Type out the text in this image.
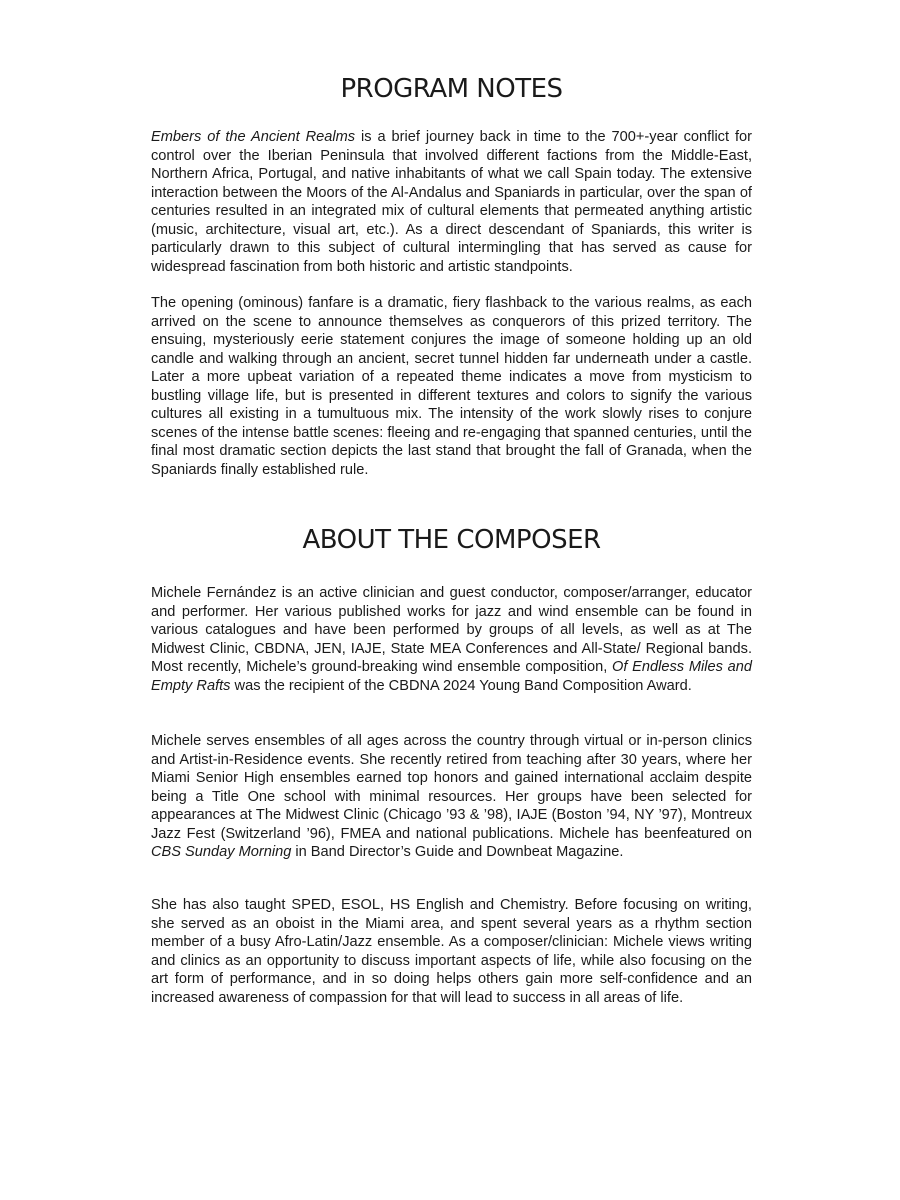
PROGRAM NOTES

Embers of the Ancient Realms is a brief journey back in time to the 700+-year conflict for control over the Iberian Peninsula that involved different factions from the Middle-East, Northern Africa, Portugal, and native inhabitants of what we call Spain today. The extensive interaction between the Moors of the Al-Andalus and Spaniards in particular, over the span of centuries resulted in an integrated mix of cultural elements that permeated anything artistic (music, architecture, visual art, etc.). As a direct descendant of Spaniards, this writer is particularly drawn to this subject of cultural intermingling that has served as cause for widespread fascination from both historic and artistic standpoints.

The opening (ominous) fanfare is a dramatic, fiery flashback to the various realms, as each arrived on the scene to announce themselves as conquerors of this prized territory. The ensuing, mysteriously eerie statement conjures the image of someone holding up an old candle and walking through an ancient, secret tunnel hidden far underneath under a castle. Later a more upbeat variation of a repeated theme indicates a move from mysticism to bustling village life, but is presented in different textures and colors to signify the various cultures all existing in a tumultuous mix. The intensity of the work slowly rises to conjure scenes of the intense battle scenes: fleeing and re-engaging that spanned centuries, until the final most dramatic section depicts the last stand that brought the fall of Granada, when the Spaniards finally established rule.

ABOUT THE COMPOSER

Michele Fernández is an active clinician and guest conductor, composer/arranger, educator and performer. Her various published works for jazz and wind ensemble can be found in various catalogues and have been performed by groups of all levels, as well as at The Midwest Clinic, CBDNA, JEN, IAJE, State MEA Conferences and All-State/ Regional bands. Most recently, Michele’s ground-breaking wind ensemble composition, Of Endless Miles and Empty Rafts was the recipient of the CBDNA 2024 Young Band Composition Award.

Michele serves ensembles of all ages across the country through virtual or in-person clinics and Artist-in-Residence events. She recently retired from teaching after 30 years, where her Miami Senior High ensembles earned top honors and gained international acclaim despite being a Title One school with minimal resources. Her groups have been selected for appearances at The Midwest Clinic (Chicago ’93 & ’98), IAJE (Boston ’94, NY ’97), Montreux Jazz Fest (Switzerland ’96), FMEA and national publications. Michele has beenfeatured on CBS Sunday Morning in Band Director’s Guide and Downbeat Magazine.

She has also taught SPED, ESOL, HS English and Chemistry. Before focusing on writing, she served as an oboist in the Miami area, and spent several years as a rhythm section member of a busy Afro-Latin/Jazz ensemble. As a composer/clinician: Michele views writing and clinics as an opportunity to discuss important aspects of life, while also focusing on the art form of performance, and in so doing helps others gain more self-confidence and an increased awareness of compassion for that will lead to success in all areas of life.
